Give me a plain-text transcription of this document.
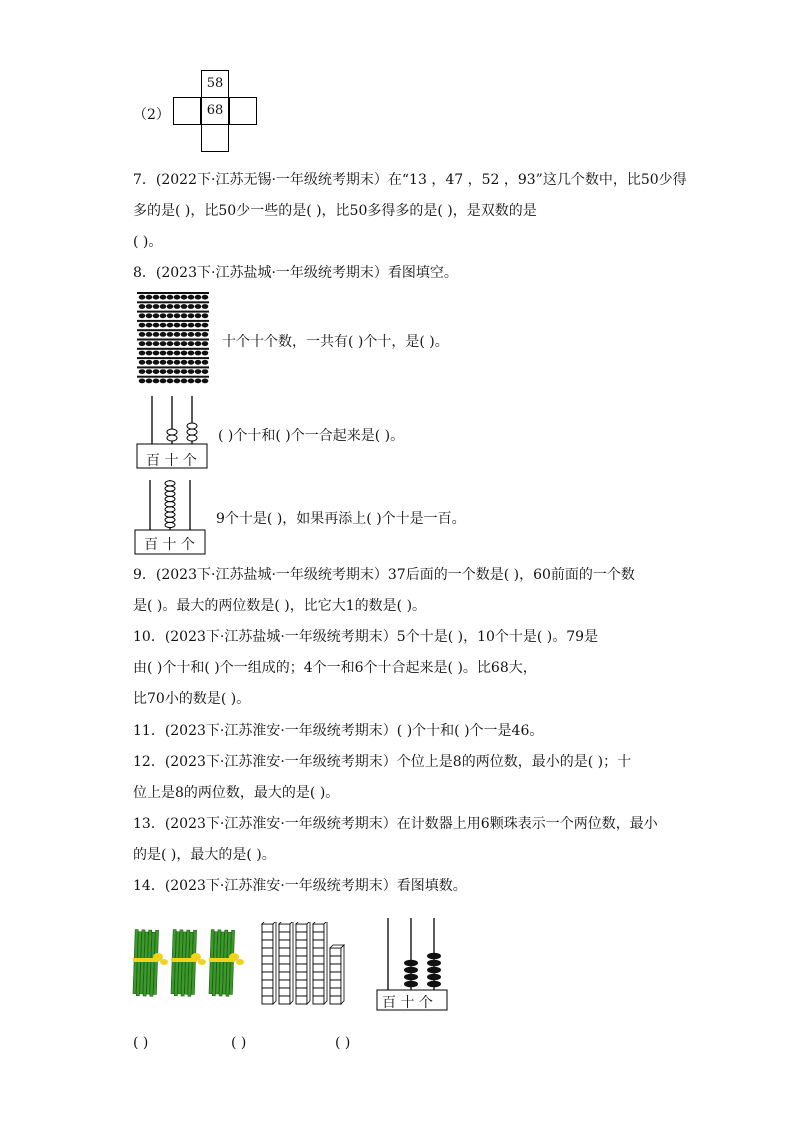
（2）
58
68
7．(2022下·江苏无锡·一年级统考期末）在“13 ，47 ，52 ，93”这几个数中，比50少得
多的是( )，比50少一些的是( )，比50多得多的是( )，是双数的是
( )。
8．(2023下·江苏盐城·一年级统考期末）看图填空。
十个十个数，一共有( )个十，是( )。
百 十 个
( )个十和( )个一合起来是( )。
百 十 个
9个十是( )，如果再添上( )个十是一百。
9．(2023下·江苏盐城·一年级统考期末）37后面的一个数是( )，60前面的一个数
是( )。最大的两位数是( )，比它大1的数是( )。
10．(2023下·江苏盐城·一年级统考期末）5个十是( )，10个十是( )。79是
由( )个十和( )个一组成的；4个一和6个十合起来是( )。比68大，
比70小的数是( )。
11．(2023下·江苏淮安·一年级统考期末）( )个十和( )个一是46。
12．(2023下·江苏淮安·一年级统考期末）个位上是8的两位数，最小的是( )；十
位上是8的两位数，最大的是( )。
13．(2023下·江苏淮安·一年级统考期末）在计数器上用6颗珠表示一个两位数，最小
的是( )，最大的是( )。
14．(2023下·江苏淮安·一年级统考期末）看图填数。
百 十 个
( )	( )	( )
